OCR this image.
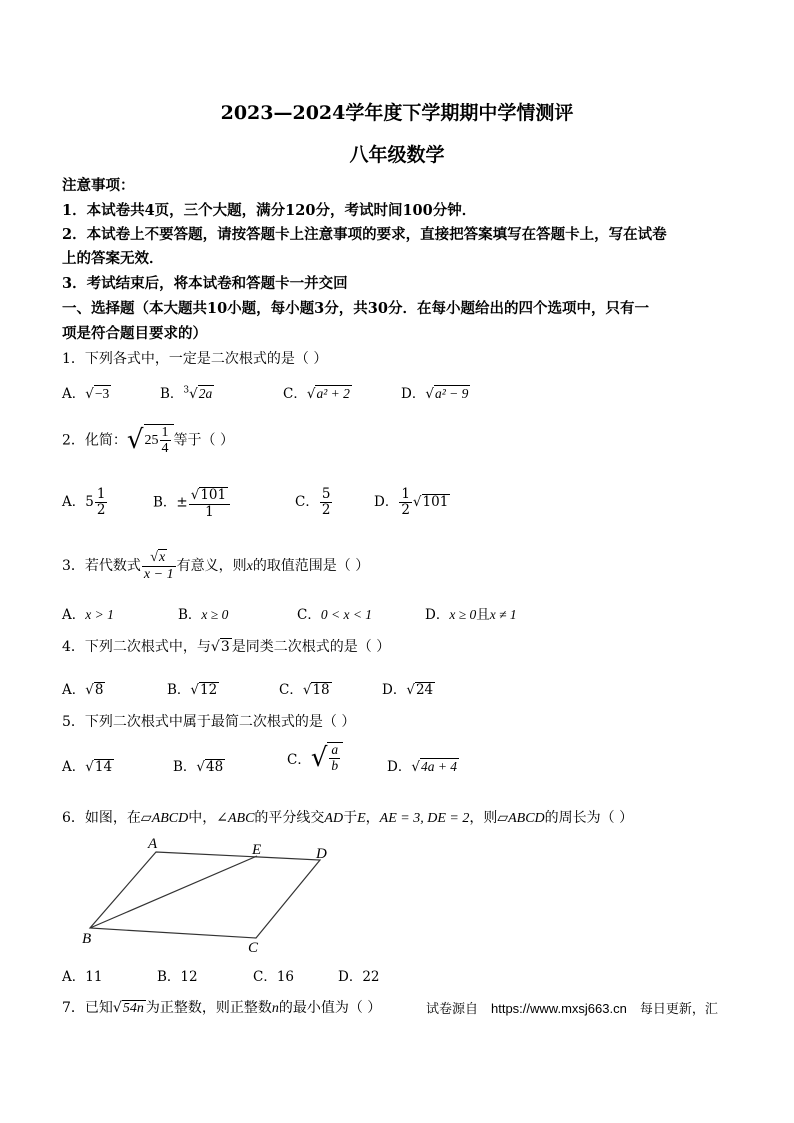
2023—2024学年度下学期期中学情测评
八年级数学
注意事项：
1．本试卷共4页，三个大题，满分120分，考试时间100分钟．
2．本试卷上不要答题，请按答题卡上注意事项的要求，直接把答案填写在答题卡上，写在试卷
上的答案无效．
3．考试结束后，将本试卷和答题卡一并交回
一、选择题（本大题共10小题，每小题3分，共30分．在每小题给出的四个选项中，只有一
项是符合题目要求的）
1．下列各式中，一定是二次根式的是（ ）
A．√−3	B．$^3$√2a	C．√a² + 2	D．√a² − 9
2．化简：$√25 \frac{1}{4}$ 等于（ ）
A．$5 \frac{1}{2}$	B．± $\frac{√101}{1}$	C． $\frac{5}{2}$	D． $\frac{1}{2} √101$
3．若代数式 $\frac{√x}{x - 1}$ 有意义，则x的取值范围是（ ）
A．x > 1	B．x ≥ 0	C．0 < x < 1	D．x ≥ 0且x ≠ 1
4．下列二次根式中，与√3 是同类二次根式的是（ ）
A．√8	B．√12	C．√18	D．√24
5．下列二次根式中属于最简二次根式的是（ ）
A．√14	B．√48	C．√ $\frac{a}{b}$	D．√4a + 4
6．如图，在▱ABCD中，∠ABC的平分线交AD于E，AE = 3, DE = 2，则▱ABCD的周长为（ ）
A	E	D
B
C
A．11	B．12	C．16	D．22
7．已知√54n 为正整数，则正整数n的最小值为（ ）	试卷源自　https://www.mxsj663.cn　每日更新，汇
